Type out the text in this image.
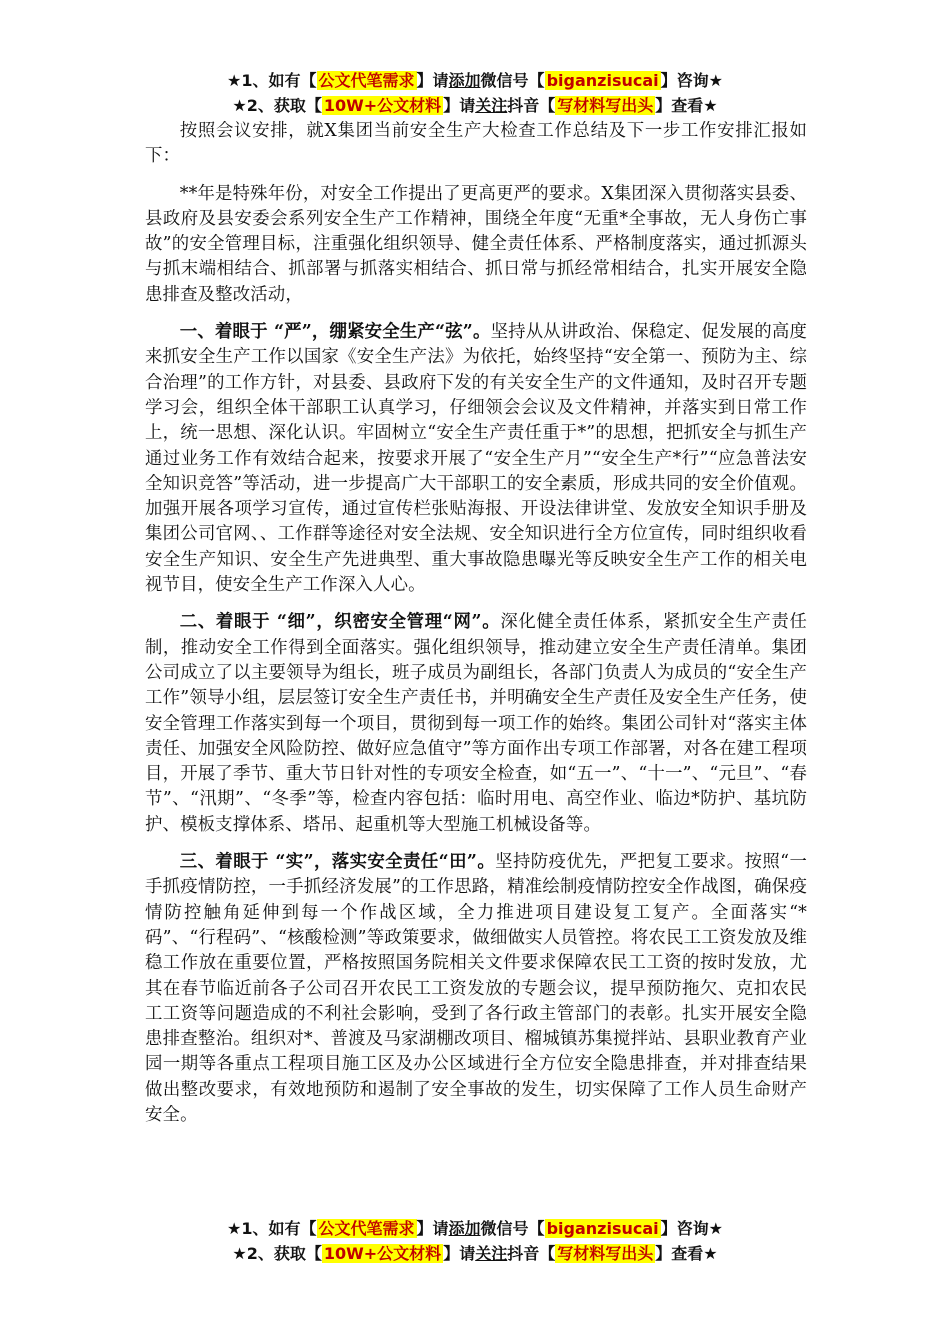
★1、如有【 公文代笔需求 】请添加微信号【 biganzisucai 】咨询★
★2、获取【 10W+公文材料 】请关注抖音【 写材料写出头 】查看★

按照会议安排，就X集团当前安全生产大检查工作总结及下一步工作安排汇报如下：

**年是特殊年份，对安全工作提出了更高更严的要求。X集团深入贯彻落实县委、县政府及县安委会系列安全生产工作精神，围绕全年度“无重*全事故，无人身伤亡事故”的安全管理目标，注重强化组织领导、健全责任体系、严格制度落实，通过抓源头与抓末端相结合、抓部署与抓落实相结合、抓日常与抓经常相结合，扎实开展安全隐患排查及整改活动，

一、着眼于 “严”，绷紧安全生产“弦”。坚持从从讲政治、保稳定、促发展的高度来抓安全生产工作以国家《安全生产法》为依托，始终坚持“安全第一、预防为主、综合治理”的工作方针，对县委、县政府下发的有关安全生产的文件通知，及时召开专题学习会，组织全体干部职工认真学习，仔细领会会议及文件精神，并落实到日常工作上，统一思想、深化认识。牢固树立“安全生产责任重于*”的思想，把抓安全与抓生产通过业务工作有效结合起来，按要求开展了“安全生产月”“安全生产*行”“应急普法安全知识竞答”等活动，进一步提高广大干部职工的安全素质，形成共同的安全价值观。加强开展各项学习宣传，通过宣传栏张贴海报、开设法律讲堂、发放安全知识手册及集团公司官网、、工作群等途径对安全法规、安全知识进行全方位宣传，同时组织收看安全生产知识、安全生产先进典型、重大事故隐患曝光等反映安全生产工作的相关电视节目，使安全生产工作深入人心。

二、着眼于 “细”，织密安全管理“网”。深化健全责任体系，紧抓安全生产责任制，推动安全工作得到全面落实。强化组织领导，推动建立安全生产责任清单。集团公司成立了以主要领导为组长，班子成员为副组长，各部门负责人为成员的“安全生产工作”领导小组，层层签订安全生产责任书，并明确安全生产责任及安全生产任务，使安全管理工作落实到每一个项目，贯彻到每一项工作的始终。集团公司针对“落实主体责任、加强安全风险防控、做好应急值守”等方面作出专项工作部署，对各在建工程项目，开展了季节、重大节日针对性的专项安全检查，如“五一”、“十一”、“元旦”、“春节”、“汛期”、“冬季”等，检查内容包括：临时用电、高空作业、临边*防护、基坑防护、模板支撑体系、塔吊、起重机等大型施工机械设备等。

三、着眼于 “实”，落实安全责任“田”。坚持防疫优先，严把复工要求。按照“一手抓疫情防控，一手抓经济发展”的工作思路，精准绘制疫情防控安全作战图，确保疫情防控触角延伸到每一个作战区域，全力推进项目建设复工复产。全面落实“*码”、“行程码”、“核酸检测”等政策要求，做细做实人员管控。将农民工工资发放及维稳工作放在重要位置，严格按照国务院相关文件要求保障农民工工资的按时发放，尤其在春节临近前各子公司召开农民工工资发放的专题会议，提早预防拖欠、克扣农民工工资等问题造成的不利社会影响，受到了各行政主管部门的表彰。扎实开展安全隐患排查整治。组织对*、普渡及马家湖棚改项目、榴城镇苏集搅拌站、县职业教育产业园一期等各重点工程项目施工区及办公区域进行全方位安全隐患排查，并对排查结果做出整改要求，有效地预防和遏制了安全事故的发生，切实保障了工作人员生命财产安全。

★1、如有【 公文代笔需求 】请添加微信号【 biganzisucai 】咨询★
★2、获取【 10W+公文材料 】请关注抖音【 写材料写出头 】查看★
